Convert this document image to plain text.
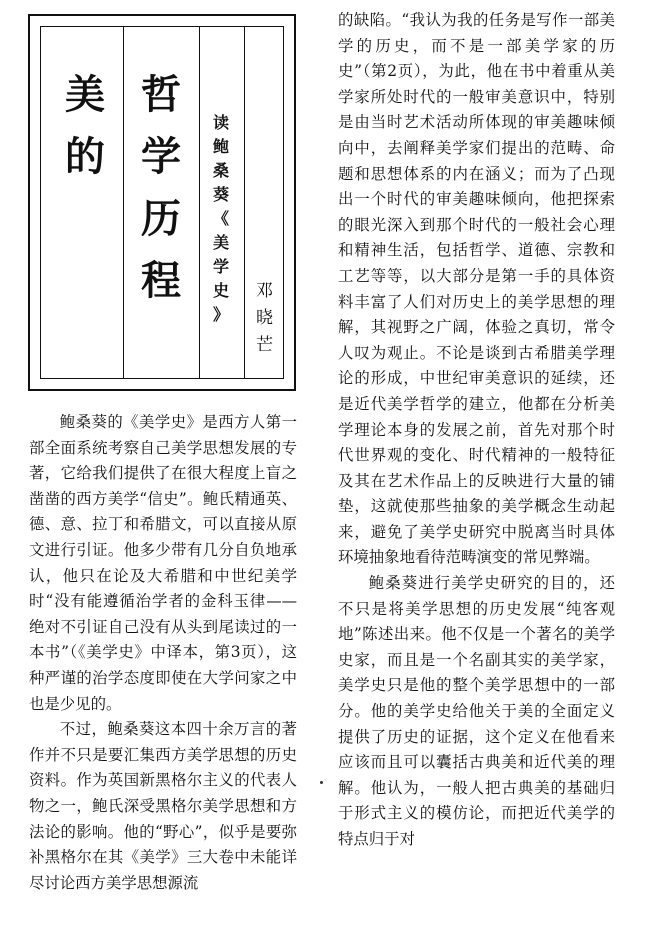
美
的
哲
学
历
程
读
鲍
桑
葵
《
美
学
史
》
邓
晓
芒

鲍桑葵的《美学史》是西方人第一部全面系统考察自己美学思想发展的专著，它给我们提供了在很大程度上盲之凿凿的西方美学“信史”。鲍氏精通英、德、意、拉丁和希腊文，可以直接从原文进行引证。他多少带有几分自负地承认，他只在论及大希腊和中世纪美学时“没有能遵循治学者的金科玉律——绝对不引证自己没有从头到尾读过的一本书”（《美学史》中译本，第3页），这种严谨的治学态度即使在大学问家之中也是少见的。

不过，鲍桑葵这本四十余万言的著作并不只是要汇集西方美学思想的历史资料。作为英国新黑格尔主义的代表人物之一，鲍氏深受黑格尔美学思想和方法论的影响。他的“野心”，似乎是要弥补黑格尔在其《美学》三大卷中未能详尽讨论西方美学思想源流

的缺陷。“我认为我的任务是写作一部美学的历史，而不是一部美学家的历史”（第2页），为此，他在书中着重从美学家所处时代的一般审美意识中，特别是由当时艺术活动所体现的审美趣味倾向中，去阐释美学家们提出的范畴、命题和思想体系的内在涵义；而为了凸现出一个时代的审美趣味倾向，他把探索的眼光深入到那个时代的一般社会心理和精神生活，包括哲学、道德、宗教和工艺等等，以大部分是第一手的具体资料丰富了人们对历史上的美学思想的理解，其视野之广阔，体验之真切，常令人叹为观止。不论是谈到古希腊美学理论的形成，中世纪审美意识的延续，还是近代美学哲学的建立，他都在分析美学理论本身的发展之前，首先对那个时代世界观的变化、时代精神的一般特征及其在艺术作品上的反映进行大量的铺垫，这就使那些抽象的美学概念生动起来，避免了美学史研究中脱离当时具体环境抽象地看待范畴演变的常见弊端。

鲍桑葵进行美学史研究的目的，还不只是将美学思想的历史发展“纯客观地”陈述出来。他不仅是一个著名的美学史家，而且是一个名副其实的美学家，美学史只是他的整个美学思想中的一部分。他的美学史给他关于美的全面定义提供了历史的证据，这个定义在他看来应该而且可以囊括古典美和近代美的理解。他认为，一般人把古典美的基础归于形式主义的模仿论，而把近代美学的特点归于对
